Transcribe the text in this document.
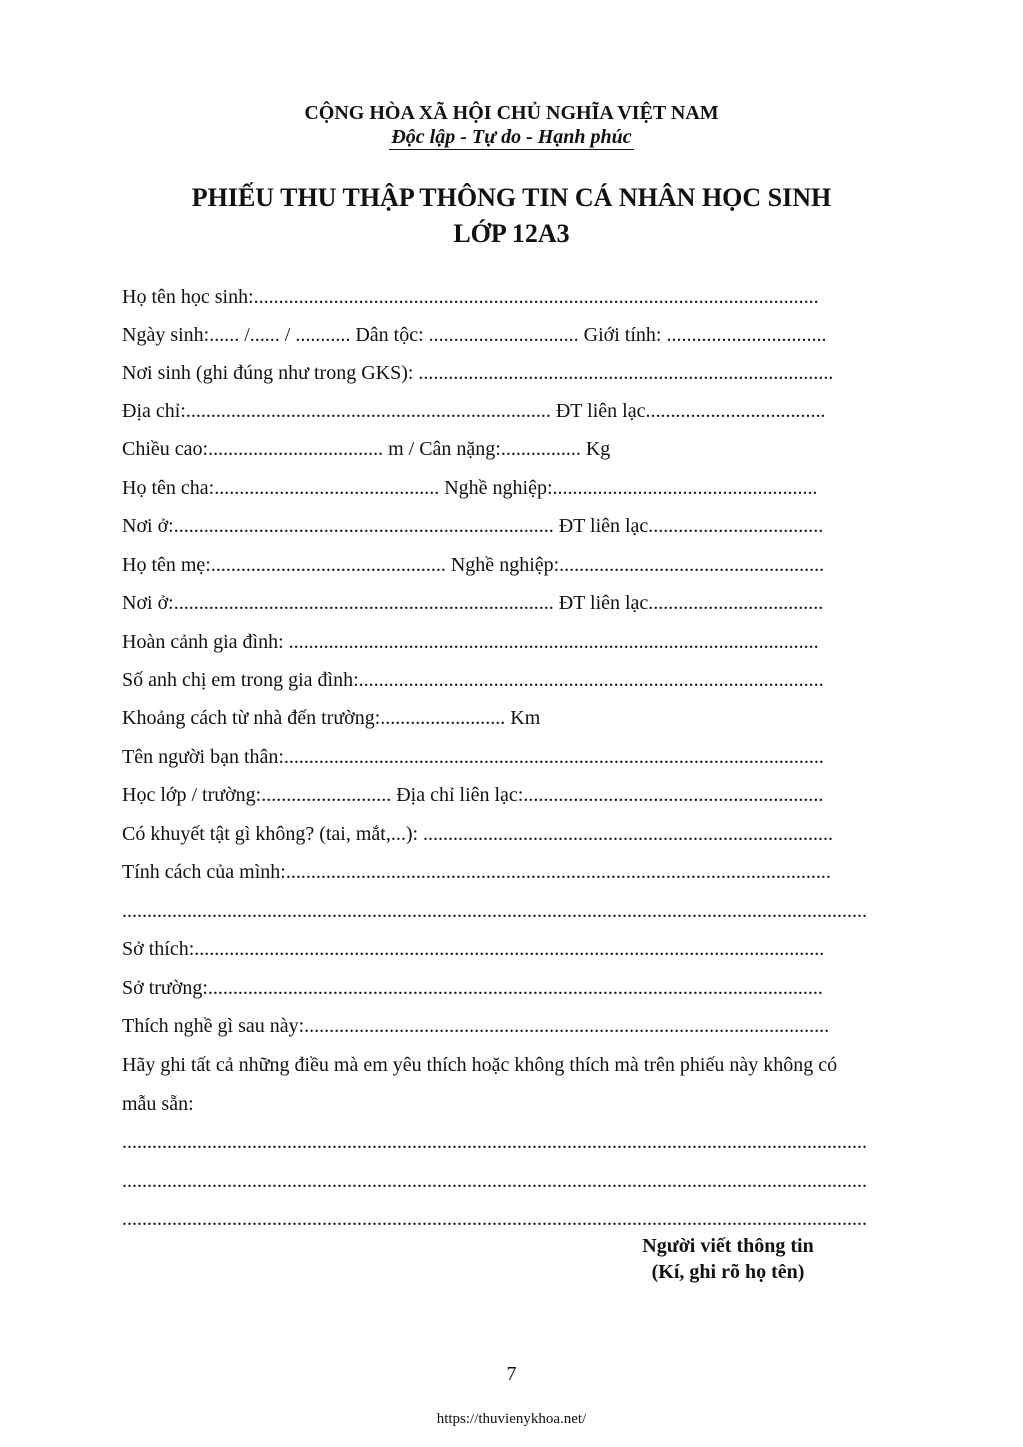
CỘNG HÒA XÃ HỘI CHỦ NGHĨA VIỆT NAM
Độc lập - Tự do - Hạnh phúc
PHIẾU THU THẬP THÔNG TIN CÁ NHÂN HỌC SINH
LỚP 12A3
Họ tên học sinh:.................................................................................................................
Ngày sinh:...... /...... / ........... Dân tộc: .............................. Giới tính: ................................
Nơi sinh (ghi đúng như trong GKS): ...................................................................................
Địa chỉ:......................................................................... ĐT liên lạc....................................
Chiều cao:................................... m / Cân nặng:................ Kg
Họ tên cha:............................................. Nghề nghiệp:.....................................................
Nơi ở:............................................................................ ĐT liên lạc...................................
Họ tên mẹ:............................................... Nghề nghiệp:.....................................................
Nơi ở:............................................................................ ĐT liên lạc...................................
Hoàn cảnh gia đình: ..........................................................................................................
Số anh chị em trong gia đình:.............................................................................................
Khoảng cách từ nhà đến trường:......................... Km
Tên người bạn thân:............................................................................................................
Học lớp / trường:.......................... Địa chỉ liên lạc:............................................................
Có khuyết tật gì không? (tai, mắt,...): ..................................................................................
Tính cách của mình:.............................................................................................................
.....................................................................................................................................................
Sở thích:..............................................................................................................................
Sở trường:...........................................................................................................................
Thích nghề gì sau này:.........................................................................................................
Hãy ghi tất cả những điều mà em yêu thích hoặc không thích mà trên phiếu này không có
mẫu sẵn:
.....................................................................................................................................................
.....................................................................................................................................................
.....................................................................................................................................................
Người viết thông tin
(Kí, ghi rõ họ tên)
7
https://thuvienykhoa.net/
